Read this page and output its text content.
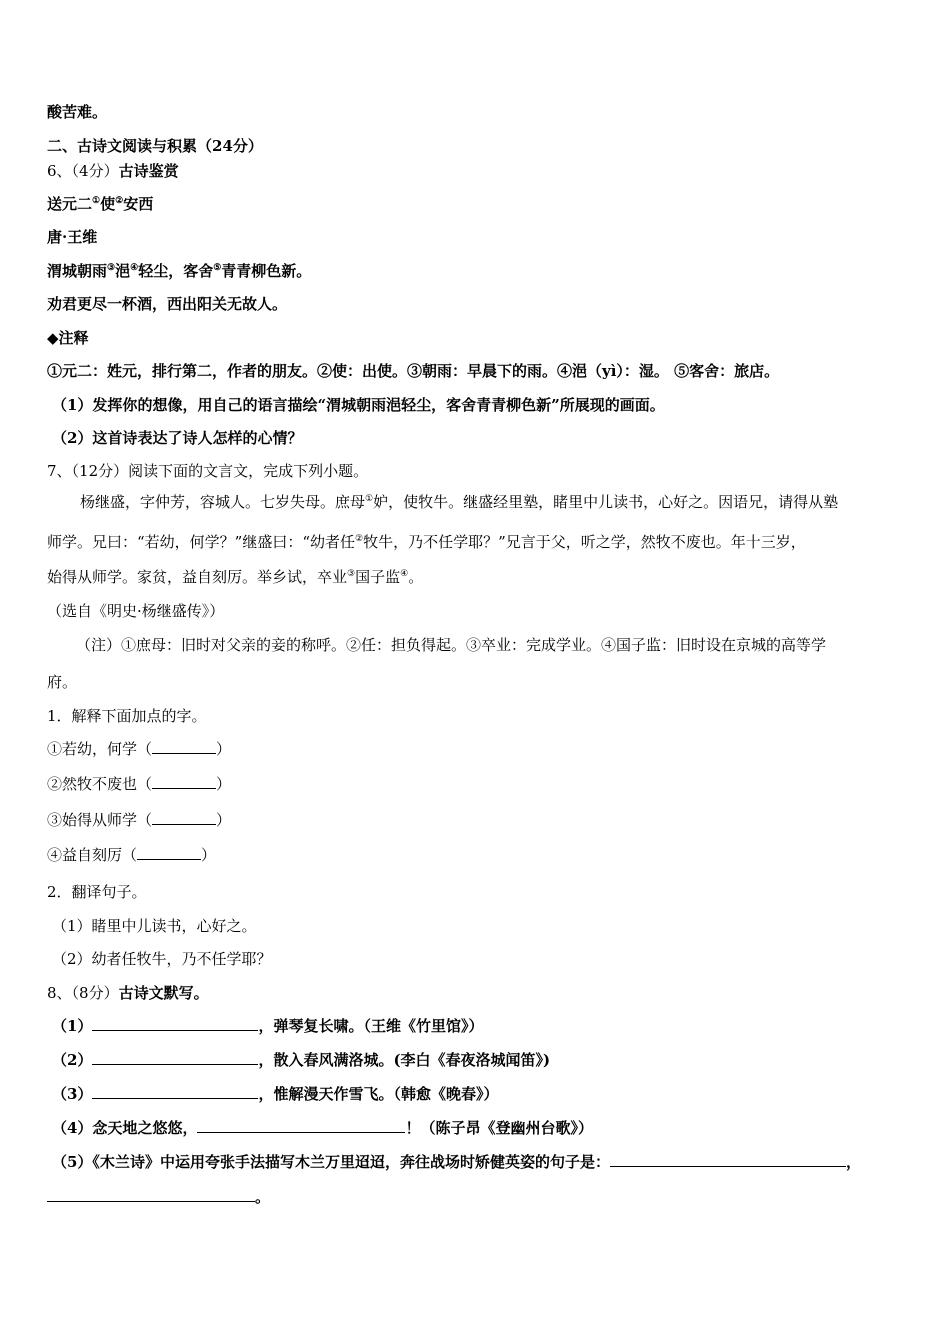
酸苦难。
二、古诗文阅读与积累（24分）
6、（4分）古诗鉴赏
送元二①使②安西
唐·王维
渭城朝雨③浥④轻尘，客舍⑤青青柳色新。
劝君更尽一杯酒，西出阳关无故人。
◆注释
①元二：姓元，排行第二，作者的朋友。②使：出使。③朝雨：早晨下的雨。④浥（yì）：湿。 ⑤客舍：旅店。
（1）发挥你的想像，用自己的语言描绘“渭城朝雨浥轻尘，客舍青青柳色新”所展现的画面。
（2）这首诗表达了诗人怎样的心情？
7、（12分）阅读下面的文言文，完成下列小题。
杨继盛，字仲芳，容城人。七岁失母。庶母①妒，使牧牛。继盛经里塾，睹里中儿读书，心好之。因语兄，请得从塾
师学。兄曰：“若幼，何学？”继盛曰：“幼者任②牧牛，乃不任学耶？”兄言于父，听之学，然牧不废也。年十三岁，
始得从师学。家贫，益自刻厉。举乡试，卒业③国子监④。
（选自《明史·杨继盛传》）
（注）①庶母：旧时对父亲的妾的称呼。②任：担负得起。③卒业：完成学业。④国子监：旧时设在京城的高等学
府。
1．解释下面加点的字。
①若幼，何学（	）
②然牧不废也（	）
③始得从师学（	）
④益自刻厉（	）
2．翻译句子。
（1）睹里中儿读书，心好之。
（2）幼者任牧牛，乃不任学耶？
8、（8分）古诗文默写。
（1）	，弹琴复长啸。（王维《竹里馆》）
（2）	，散入春风满洛城。(李白《春夜洛城闻笛》)
（3）	，惟解漫天作雪飞。（韩愈《晚春》）
（4）念天地之悠悠，	！（陈子昂《登幽州台歌》）
（5）《木兰诗》中运用夸张手法描写木兰万里迢迢，奔往战场时矫健英姿的句子是：	，
。
